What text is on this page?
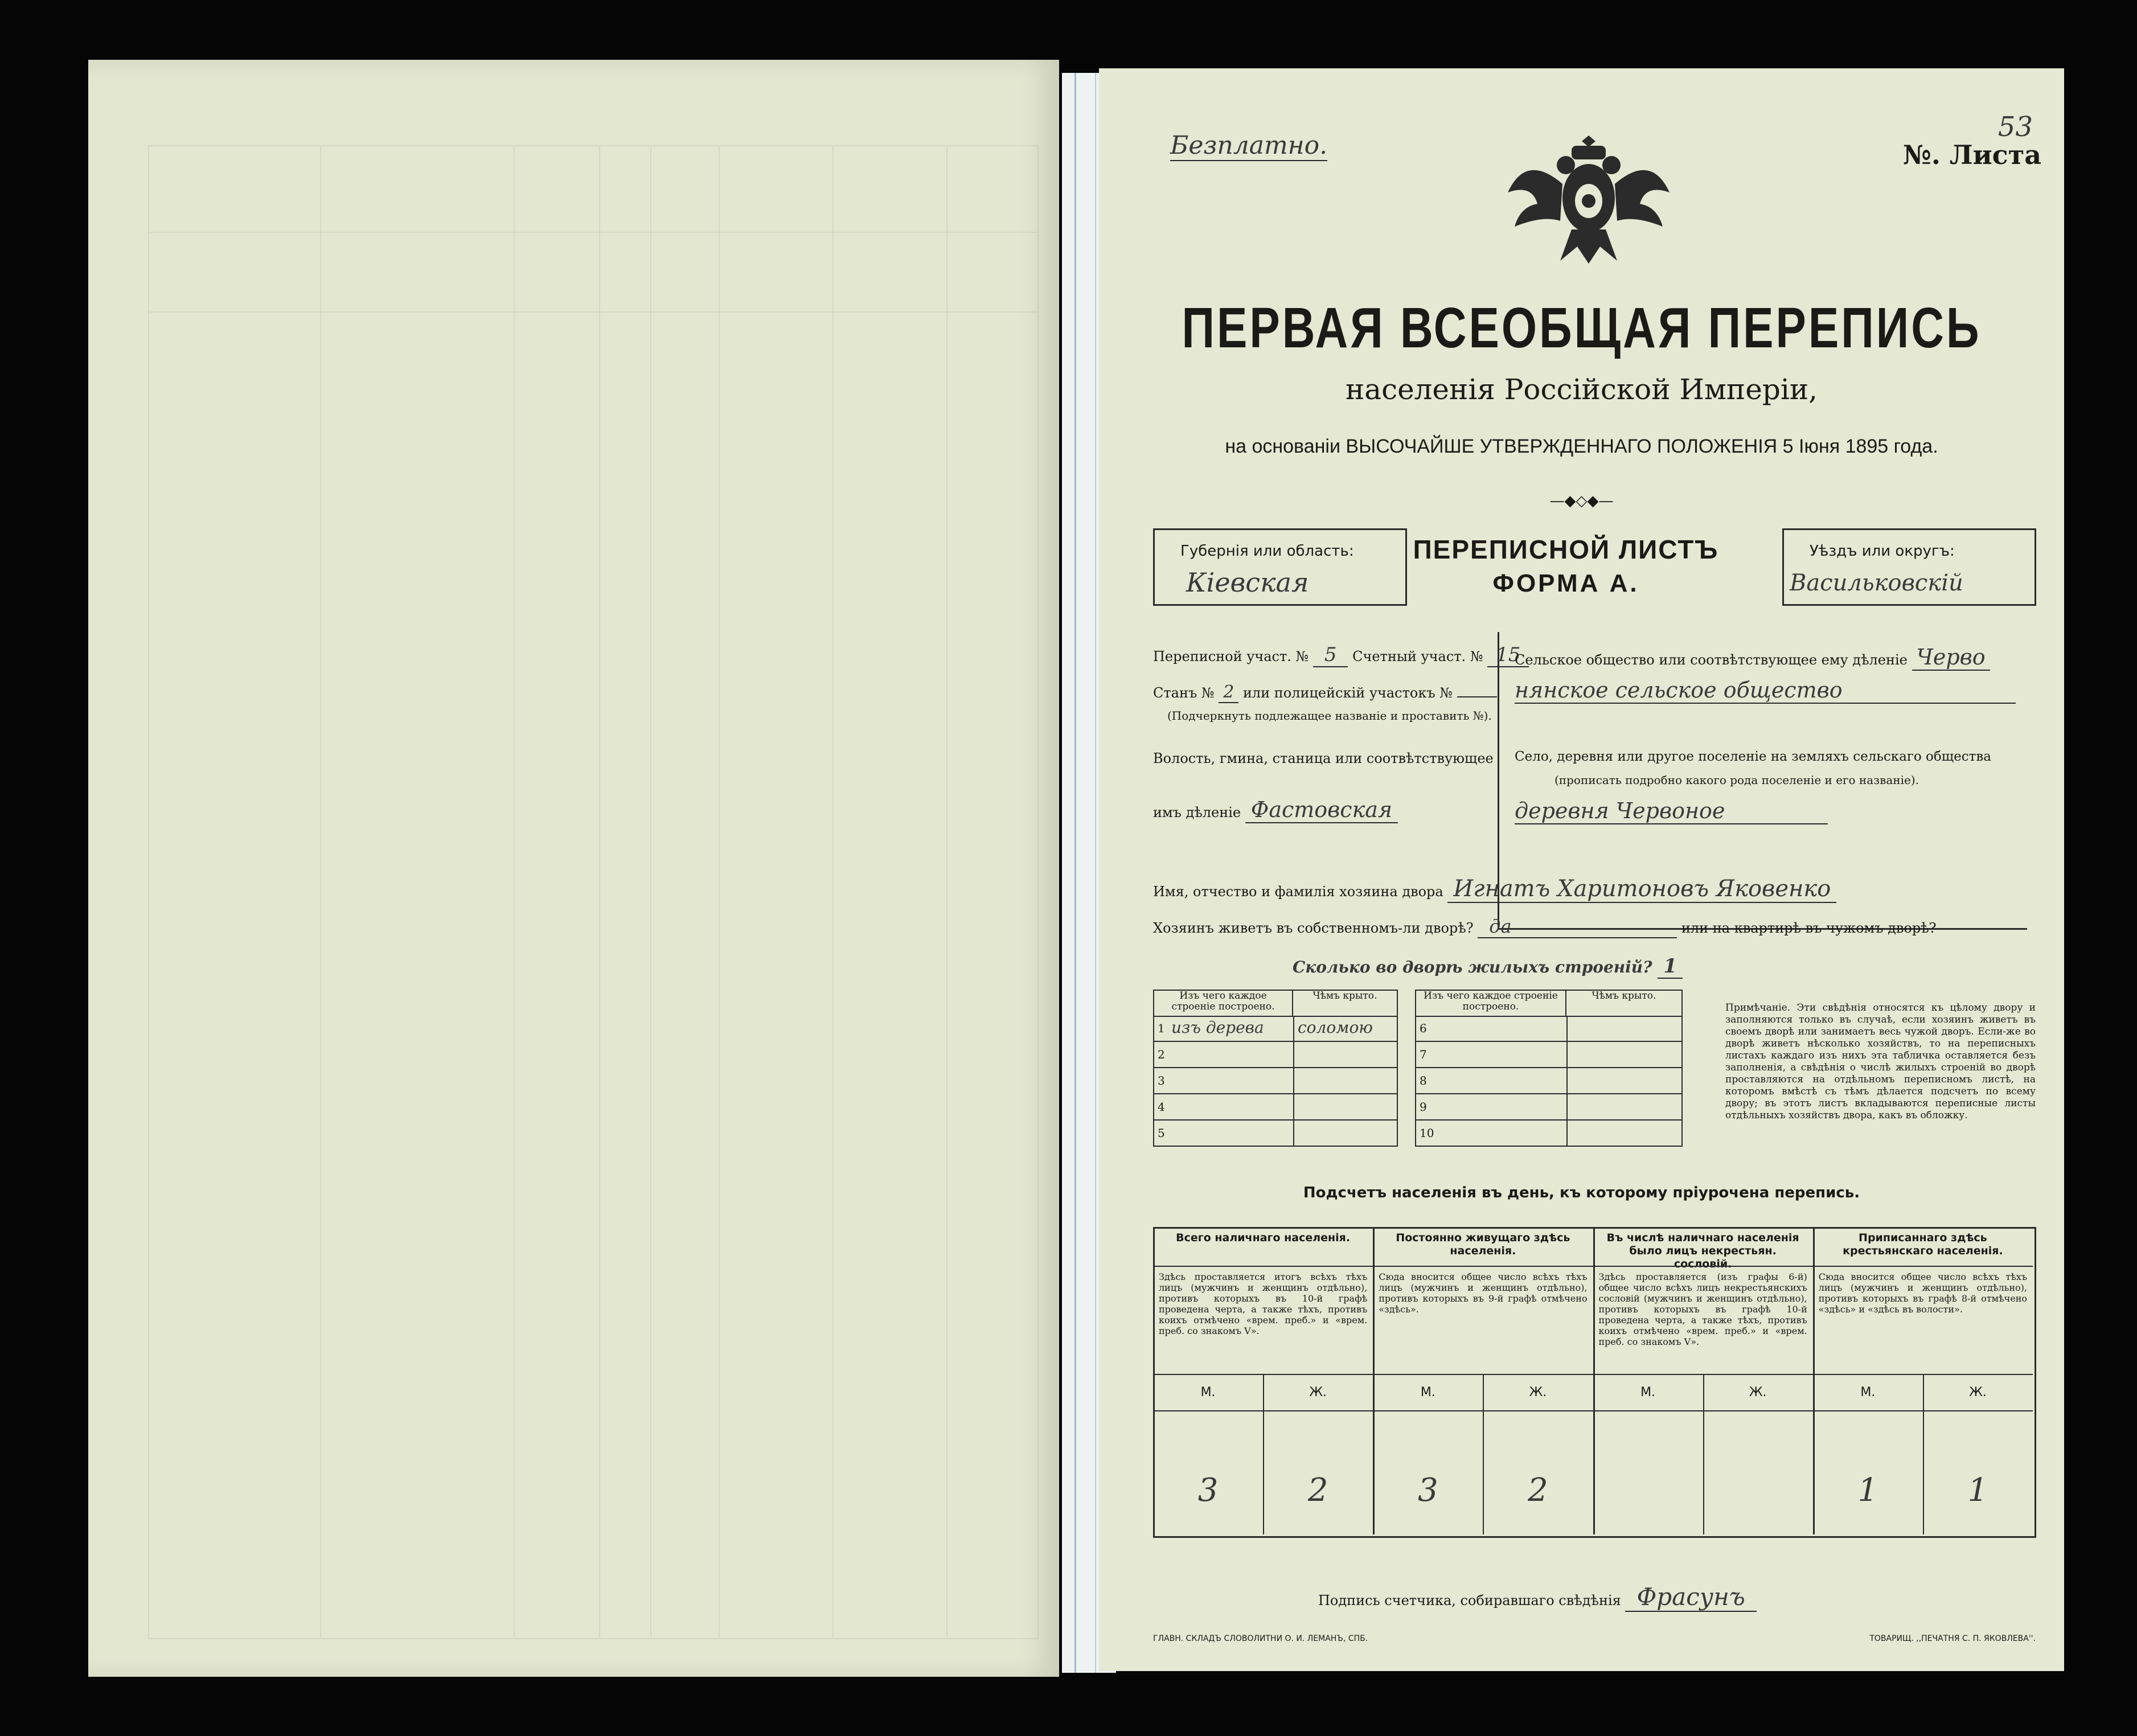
Безплатно.	№. Листа
53
ПЕРВАЯ ВСЕОБЩАЯ ПЕРЕПИСЬ
населенія Россійской Имперіи,
на основаніи ВЫСОЧАЙШЕ УТВЕРЖДЕННАГО ПОЛОЖЕНІЯ 5 Іюня 1895 года.
—◆◇◆—
Губернія или область:
Кіевская
ПЕРЕПИСНОЙ ЛИСТЪ
ФОРМА А.
Уѣздъ или округъ:
Васильковскій
Переписной участ. № 5 Счетный участ. № 15
Станъ № 2 или полицейскій участокъ №
(Подчеркнуть подлежащее названіе и проставить №).
Волость, гмина, станица или соотвѣтствующее
имъ дѣленіе Фастовская
Сельское общество или соотвѣтствующее ему дѣленіе Черво
нянское сельское общество
Село, деревня или другое поселеніе на земляхъ сельскаго общества
(прописать подробно какого рода поселеніе и его названіе).
деревня Червоное
Имя, отчество и фамилія хозяина двора Игнатъ Харитоновъ Яковенко
Хозяинъ живетъ въ собственномъ-ли дворѣ? да	или на квартирѣ въ чужомъ дворѣ?
Сколько во дворѣ жилыхъ строеній? 1
Изъ чего каждое строеніе построено.	Чѣмъ крыто.
1 изъ дерева соломою
2
3
4
5
Изъ чего каждое строеніе построено.	Чѣмъ крыто.
6
7
8
9
10
Примѣчаніе. Эти свѣдѣнія относятся къ цѣлому двору и заполняются только въ случаѣ, если хозяинъ живетъ въ своемъ дворѣ или занимаетъ весь чужой дворъ. Если-же во дворѣ живетъ нѣсколько хозяйствъ, то на переписныхъ листахъ каждаго изъ нихъ эта табличка оставляется безъ заполненія, а свѣдѣнія о числѣ жилыхъ строеній во дворѣ проставляются на отдѣльномъ переписномъ листѣ, на которомъ вмѣстѣ съ тѣмъ дѣлается подсчетъ по всему двору; въ этотъ листъ вкладываются переписные листы отдѣльныхъ хозяйствъ двора, какъ въ обложку.
Подсчетъ населенія въ день, къ которому пріурочена перепись.
Всего наличнаго населенія.
Здѣсь проставляется итогъ всѣхъ тѣхъ лицъ (мужчинъ и женщинъ отдѣльно), противъ которыхъ въ 10-й графѣ проведена черта, а также тѣхъ, противъ коихъ отмѣчено «врем. преб.» и «врем. преб. со знакомъ V».
М.	Ж.
3	2
Постоянно живущаго здѣсь населенія.
Сюда вносится общее число всѣхъ тѣхъ лицъ (мужчинъ и женщинъ отдѣльно), противъ которыхъ въ 9-й графѣ отмѣчено «здѣсь».
М.	Ж.
3	2
Въ числѣ наличнаго населенія было лицъ некрестьян. сословій.
Здѣсь проставляется (изъ графы 6-й) общее число всѣхъ лицъ некрестьянскихъ сословій (мужчинъ и женщинъ отдѣльно), противъ которыхъ въ графѣ 10-й проведена черта, а также тѣхъ, противъ коихъ отмѣчено «врем. преб.» и «врем. преб. со знакомъ V».
М.	Ж.
Приписаннаго здѣсь крестьянскаго населенія.
Сюда вносится общее число всѣхъ тѣхъ лицъ (мужчинъ и женщинъ отдѣльно), противъ которыхъ въ графѣ 8-й отмѣчено «здѣсь» и «здѣсь въ волости».
М.	Ж.
1	1
Подпись счетчика, собиравшаго свѣдѣнія Фрасунъ
ГЛАВН. СКЛАДЪ СЛОВОЛИТНИ О. И. ЛЕМАНЪ, СПБ.	ТОВАРИЩ. ,,ПЕЧАТНЯ С. П. ЯКОВЛЕВА''.
